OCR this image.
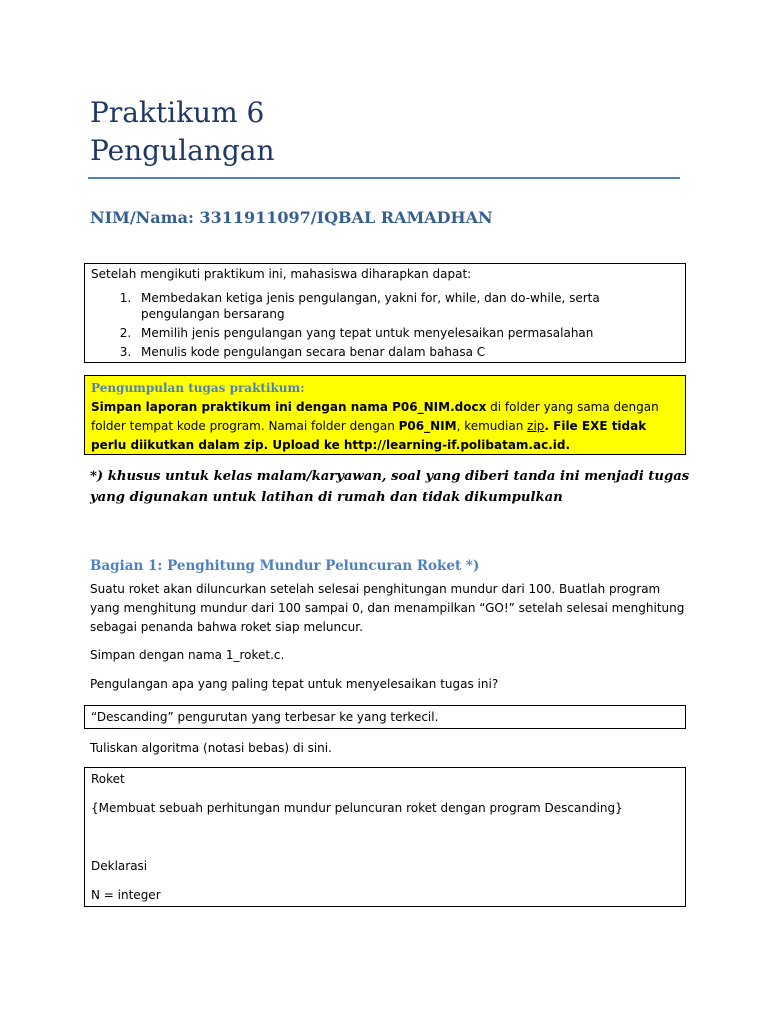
Praktikum 6
Pengulangan
NIM/Nama: 3311911097/IQBAL RAMADHAN

Setelah mengikuti praktikum ini, mahasiswa diharapkan dapat:

1. Membedakan ketiga jenis pengulangan, yakni for, while, dan do-while, serta pengulangan bersarang
2. Memilih jenis pengulangan yang tepat untuk menyelesaikan permasalahan
3. Menulis kode pengulangan secara benar dalam bahasa C
Pengumpulan tugas praktikum:
Simpan laporan praktikum ini dengan nama P06_NIM.docx di folder yang sama dengan folder tempat kode program. Namai folder dengan P06_NIM, kemudian zip. File EXE tidak perlu diikutkan dalam zip. Upload ke http://learning-if.polibatam.ac.id.
*) khusus untuk kelas malam/karyawan, soal yang diberi tanda ini menjadi tugas yang digunakan untuk latihan di rumah dan tidak dikumpulkan
Bagian 1: Penghitung Mundur Peluncuran Roket *)
Suatu roket akan diluncurkan setelah selesai penghitungan mundur dari 100. Buatlah program yang menghitung mundur dari 100 sampai 0, dan menampilkan “GO!” setelah selesai menghitung sebagai penanda bahwa roket siap meluncur.
Simpan dengan nama 1_roket.c.
Pengulangan apa yang paling tepat untuk menyelesaikan tugas ini?
“Descanding” pengurutan yang terbesar ke yang terkecil.
Tuliskan algoritma (notasi bebas) di sini.
Roket
{Membuat sebuah perhitungan mundur peluncuran roket dengan program Descanding}
Deklarasi
N = integer
